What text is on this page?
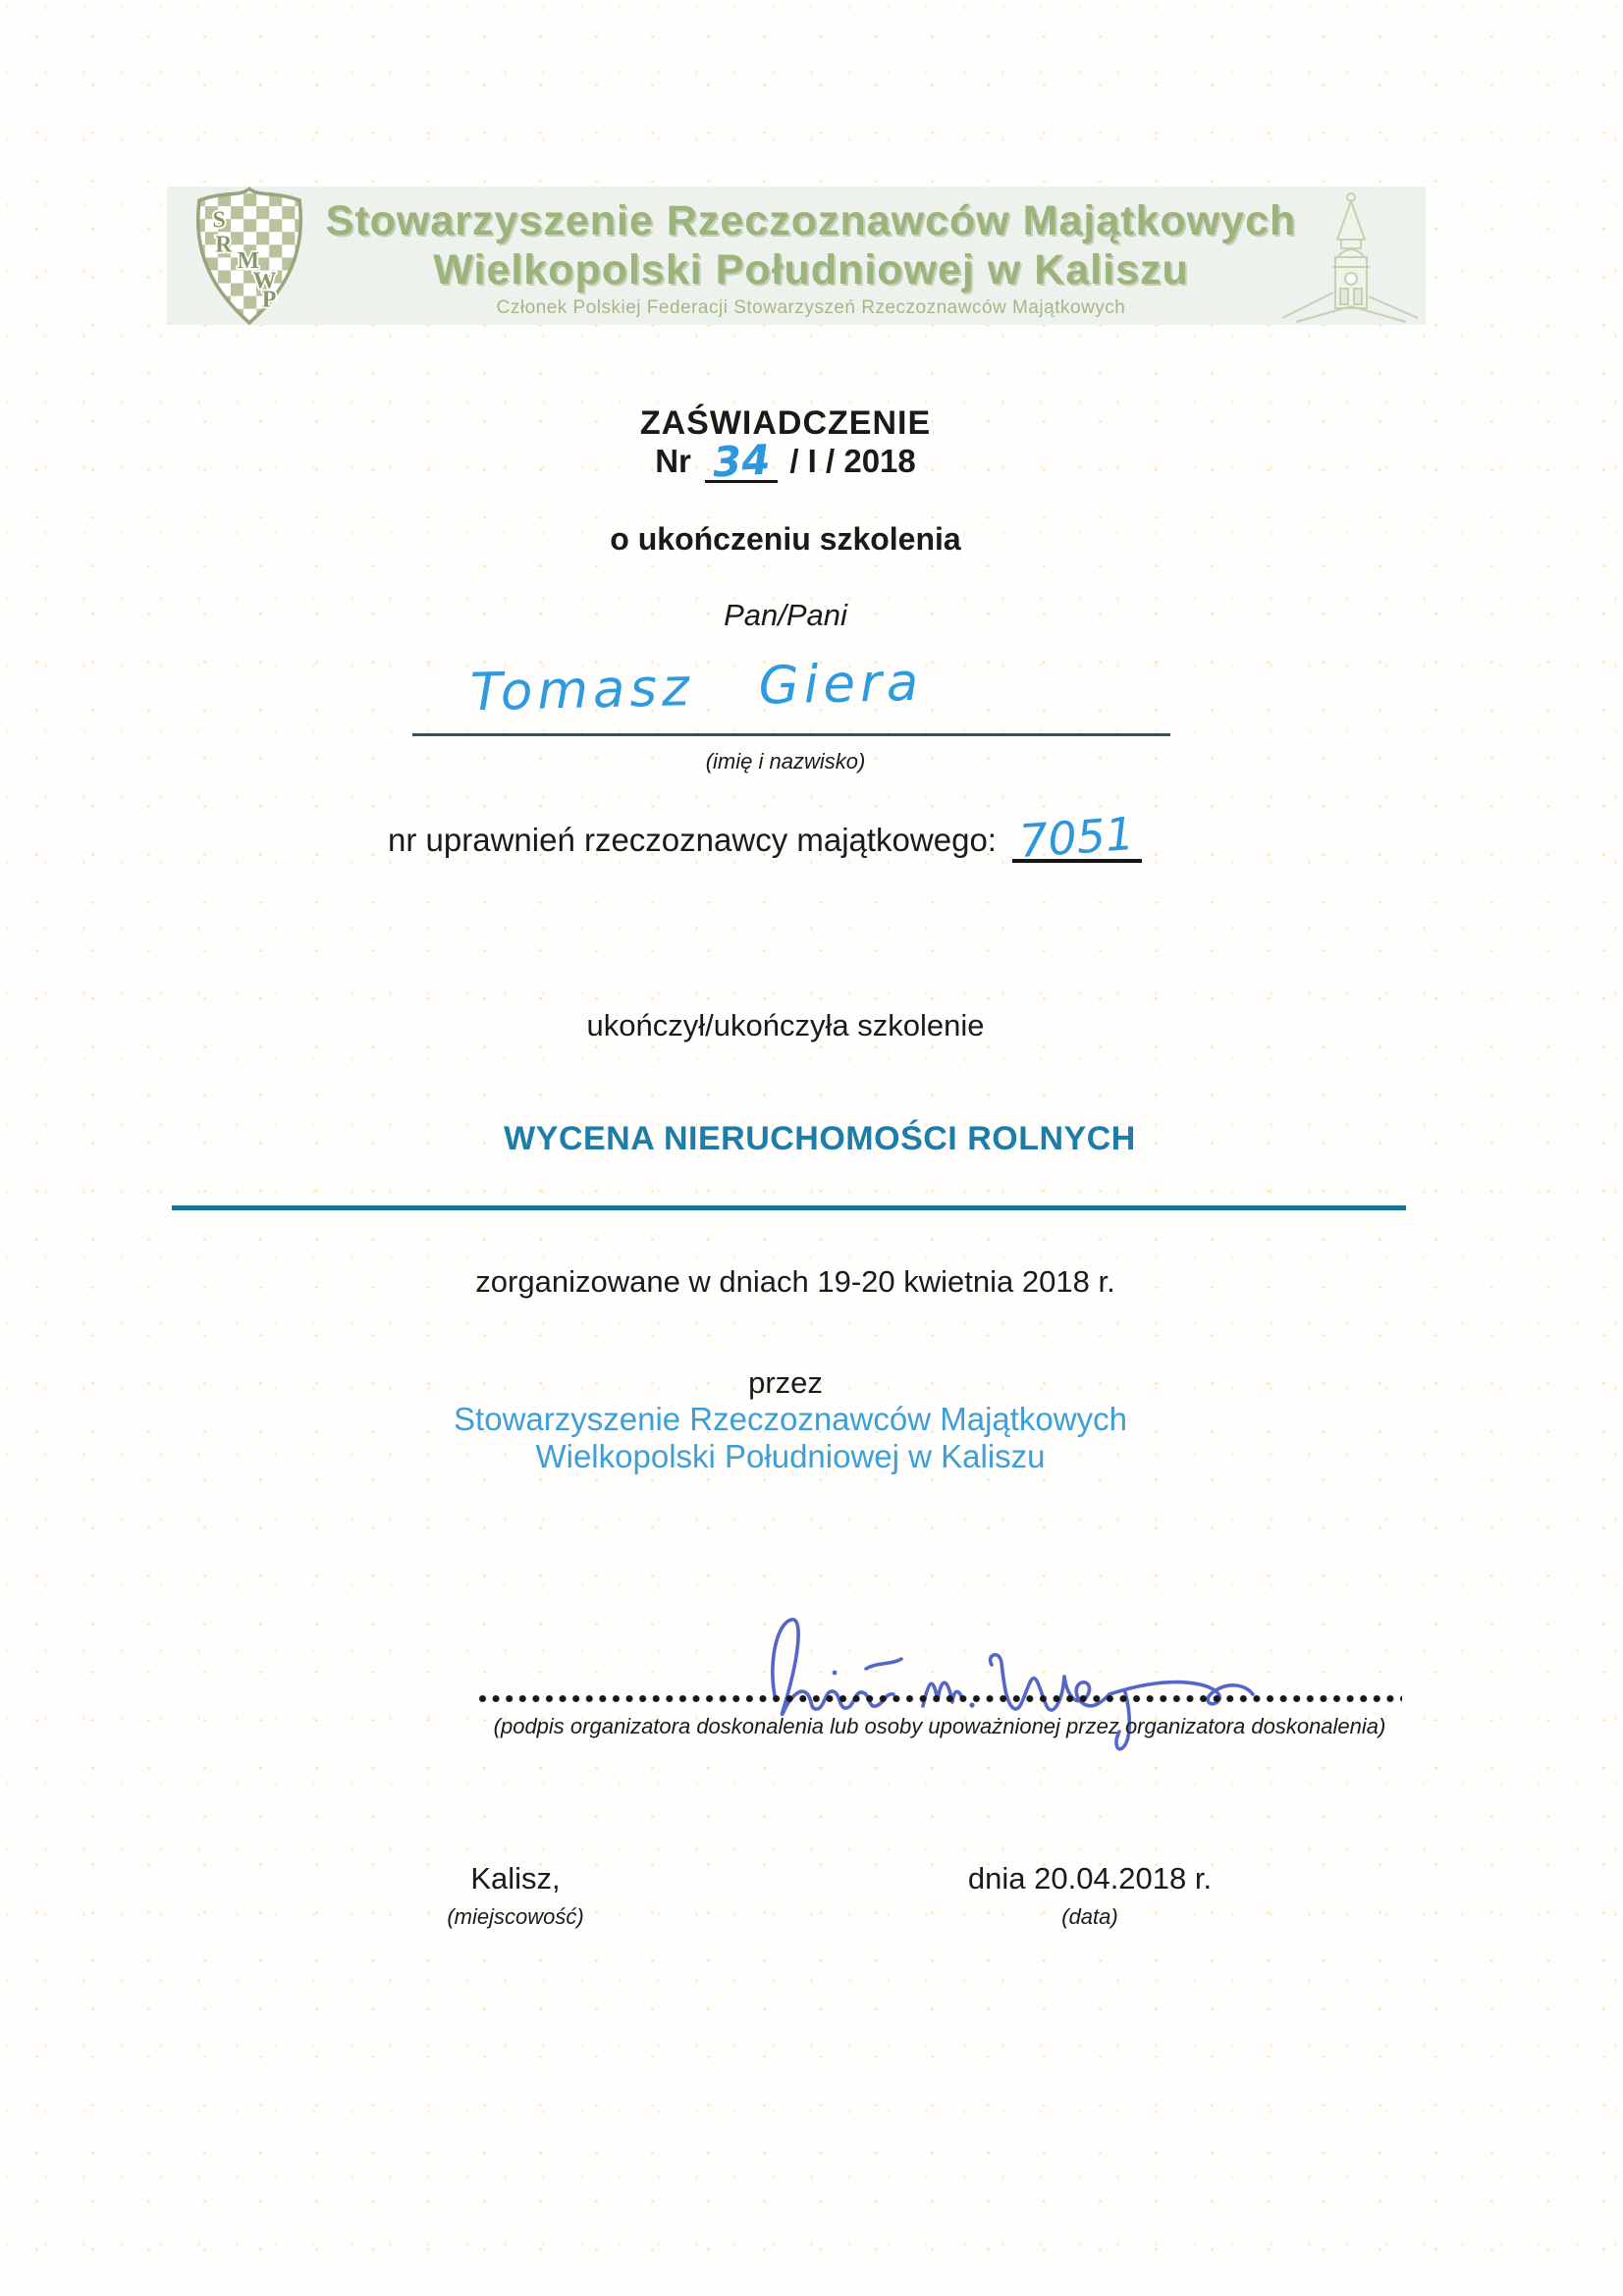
S
R
M
W
P
Stowarzyszenie Rzeczoznawców Majątkowych
Wielkopolski Południowej w Kaliszu
Członek Polskiej Federacji Stowarzyszeń Rzeczoznawców Majątkowych
ZAŚWIADCZENIE
Nr 34 / I / 2018
o ukończeniu szkolenia
Pan/Pani
Tomasz Giera
(imię i nazwisko)
nr uprawnień rzeczoznawcy majątkowego: 7051
ukończył/ukończyła szkolenie
WYCENA NIERUCHOMOŚCI ROLNYCH
zorganizowane w dniach 19-20 kwietnia 2018 r.
przez
Stowarzyszenie Rzeczoznawców Majątkowych
Wielkopolski Południowej w Kaliszu
(podpis organizatora doskonalenia lub osoby upoważnionej przez organizatora doskonalenia)
Kalisz,
(miejscowość)
dnia 20.04.2018 r.
(data)
